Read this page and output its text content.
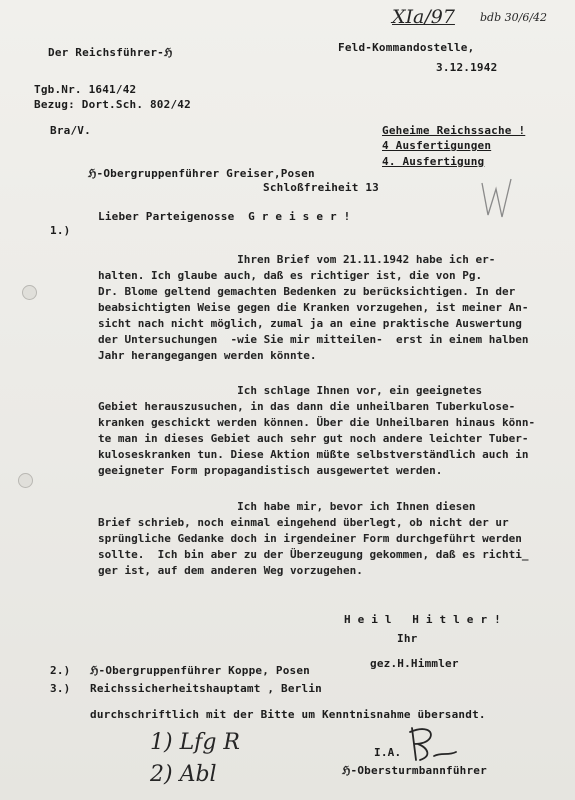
XIa/97 bdb 30/6/42
Der Reichsführer-ℌ	Feld-Kommandostelle,
3.12.1942
Tgb.Nr. 1641/42
Bezug: Dort.Sch. 802/42
Bra/V.	Geheime Reichssache !
4 Ausfertigungen
4. Ausfertigung
ℌ-Obergruppenführer Greiser,Posen
Schloßfreiheit 13
1.)
Lieber Parteigenosse  G r e i s e r !
Ihren Brief vom 21.11.1942 habe ich er-
halten. Ich glaube auch, daß es richtiger ist, die von Pg.
Dr. Blome geltend gemachten Bedenken zu berücksichtigen. In der
beabsichtigten Weise gegen die Kranken vorzugehen, ist meiner An-
sicht nach nicht möglich, zumal ja an eine praktische Auswertung
der Untersuchungen  -wie Sie mir mitteilen-  erst in einem halben
Jahr herangegangen werden könnte.
Ich schlage Ihnen vor, ein geeignetes
Gebiet herauszusuchen, in das dann die unheilbaren Tuberkulose-
kranken geschickt werden können. Über die Unheilbaren hinaus könn-
te man in dieses Gebiet auch sehr gut noch andere leichter Tuber-
kuloseskranken tun. Diese Aktion müßte selbstverständlich auch in
geeigneter Form propagandistisch ausgewertet werden.
Ich habe mir, bevor ich Ihnen diesen
Brief schrieb, noch einmal eingehend überlegt, ob nicht der ur
sprüngliche Gedanke doch in irgendeiner Form durchgeführt werden
sollte.  Ich bin aber zu der Überzeugung gekommen, daß es richti_
ger ist, auf dem anderen Weg vorzugehen.
H e i l   H i t l e r !
Ihr
gez.H.Himmler
2.) ℌ-Obergruppenführer Koppe, Posen
3.) Reichssicherheitshauptamt , Berlin
durchschriftlich mit der Bitte um Kenntnisnahme übersandt.
1) Lfg R
2) Abl
I.A.
ℌ-Obersturmbannführer
